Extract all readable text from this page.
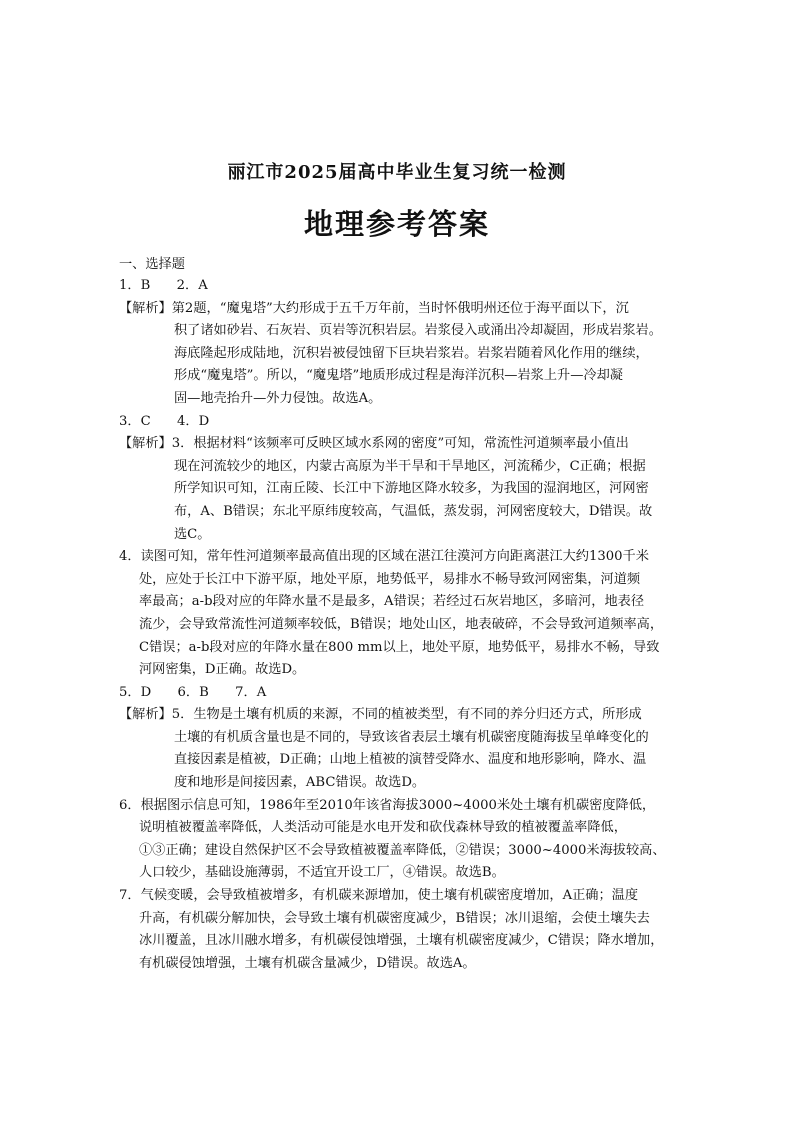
丽江市2025届高中毕业生复习统一检测
地理参考答案
一、选择题
1．B　　2．A
【解析】第2题，“魔鬼塔”大约形成于五千万年前，当时怀俄明州还位于海平面以下，沉
积了诸如砂岩、石灰岩、页岩等沉积岩层。岩浆侵入或涌出冷却凝固，形成岩浆岩。
海底隆起形成陆地，沉积岩被侵蚀留下巨块岩浆岩。岩浆岩随着风化作用的继续，
形成“魔鬼塔”。所以，“魔鬼塔”地质形成过程是海洋沉积—岩浆上升—冷却凝
固—地壳抬升—外力侵蚀。故选A。
3．C　　4．D
【解析】3．根据材料“该频率可反映区域水系网的密度”可知，常流性河道频率最小值出
现在河流较少的地区，内蒙古高原为半干旱和干旱地区，河流稀少，C正确；根据
所学知识可知，江南丘陵、长江中下游地区降水较多，为我国的湿润地区，河网密
布，A、B错误；东北平原纬度较高，气温低，蒸发弱，河网密度较大，D错误。故
选C。
4．读图可知，常年性河道频率最高值出现的区域在湛江往漠河方向距离湛江大约1300千米
处，应处于长江中下游平原，地处平原，地势低平，易排水不畅导致河网密集，河道频
率最高；a-b段对应的年降水量不是最多，A错误；若经过石灰岩地区，多暗河，地表径
流少，会导致常流性河道频率较低，B错误；地处山区，地表破碎，不会导致河道频率高，
C错误；a-b段对应的年降水量在800 mm以上，地处平原，地势低平，易排水不畅，导致
河网密集，D正确。故选D。
5．D　　6．B　　7．A
【解析】5．生物是土壤有机质的来源，不同的植被类型，有不同的养分归还方式，所形成
土壤的有机质含量也是不同的，导致该省表层土壤有机碳密度随海拔呈单峰变化的
直接因素是植被，D正确；山地上植被的演替受降水、温度和地形影响，降水、温
度和地形是间接因素，ABC错误。故选D。
6．根据图示信息可知，1986年至2010年该省海拔3000~4000米处土壤有机碳密度降低，
说明植被覆盖率降低，人类活动可能是水电开发和砍伐森林导致的植被覆盖率降低，
①③正确；建设自然保护区不会导致植被覆盖率降低，②错误；3000~4000米海拔较高、
人口较少，基础设施薄弱，不适宜开设工厂，④错误。故选B。
7．气候变暖，会导致植被增多，有机碳来源增加，使土壤有机碳密度增加，A正确；温度
升高，有机碳分解加快，会导致土壤有机碳密度减少，B错误；冰川退缩，会使土壤失去
冰川覆盖，且冰川融水增多，有机碳侵蚀增强，土壤有机碳密度减少，C错误；降水增加，
有机碳侵蚀增强，土壤有机碳含量减少，D错误。故选A。
